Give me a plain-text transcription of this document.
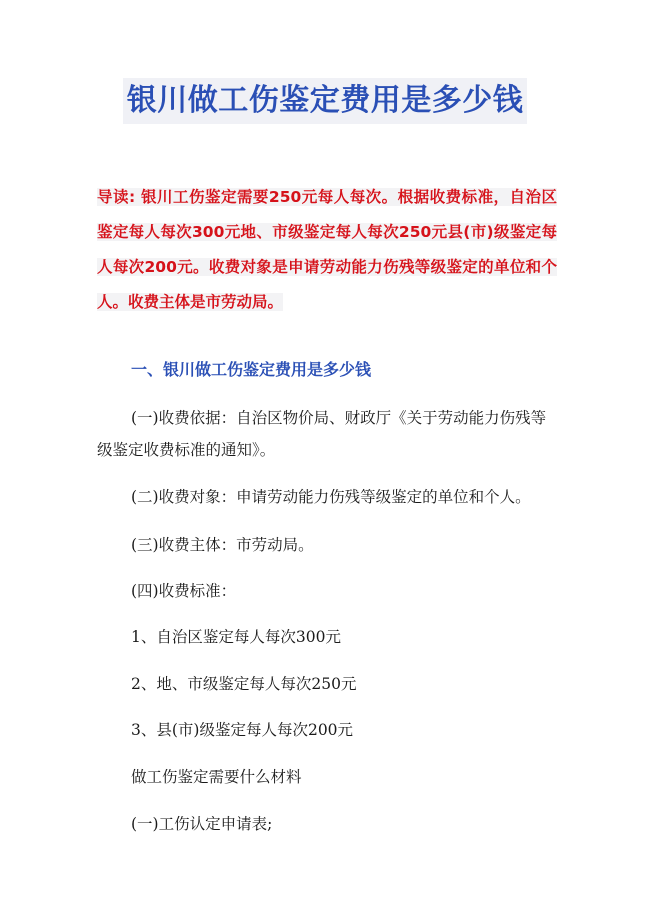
银川做工伤鉴定费用是多少钱

导读: 银川工伤鉴定需要250元每人每次。根据收费标准，自治区鉴定每人每次300元地、市级鉴定每人每次250元县(市)级鉴定每人每次200元。收费对象是申请劳动能力伤残等级鉴定的单位和个人。收费主体是市劳动局。

一、银川做工伤鉴定费用是多少钱

(一)收费依据：自治区物价局、财政厅《关于劳动能力伤残等级鉴定收费标准的通知》。

(二)收费对象：申请劳动能力伤残等级鉴定的单位和个人。

(三)收费主体：市劳动局。

(四)收费标准：

1、自治区鉴定每人每次300元

2、地、市级鉴定每人每次250元

3、县(市)级鉴定每人每次200元

做工伤鉴定需要什么材料

(一)工伤认定申请表;
